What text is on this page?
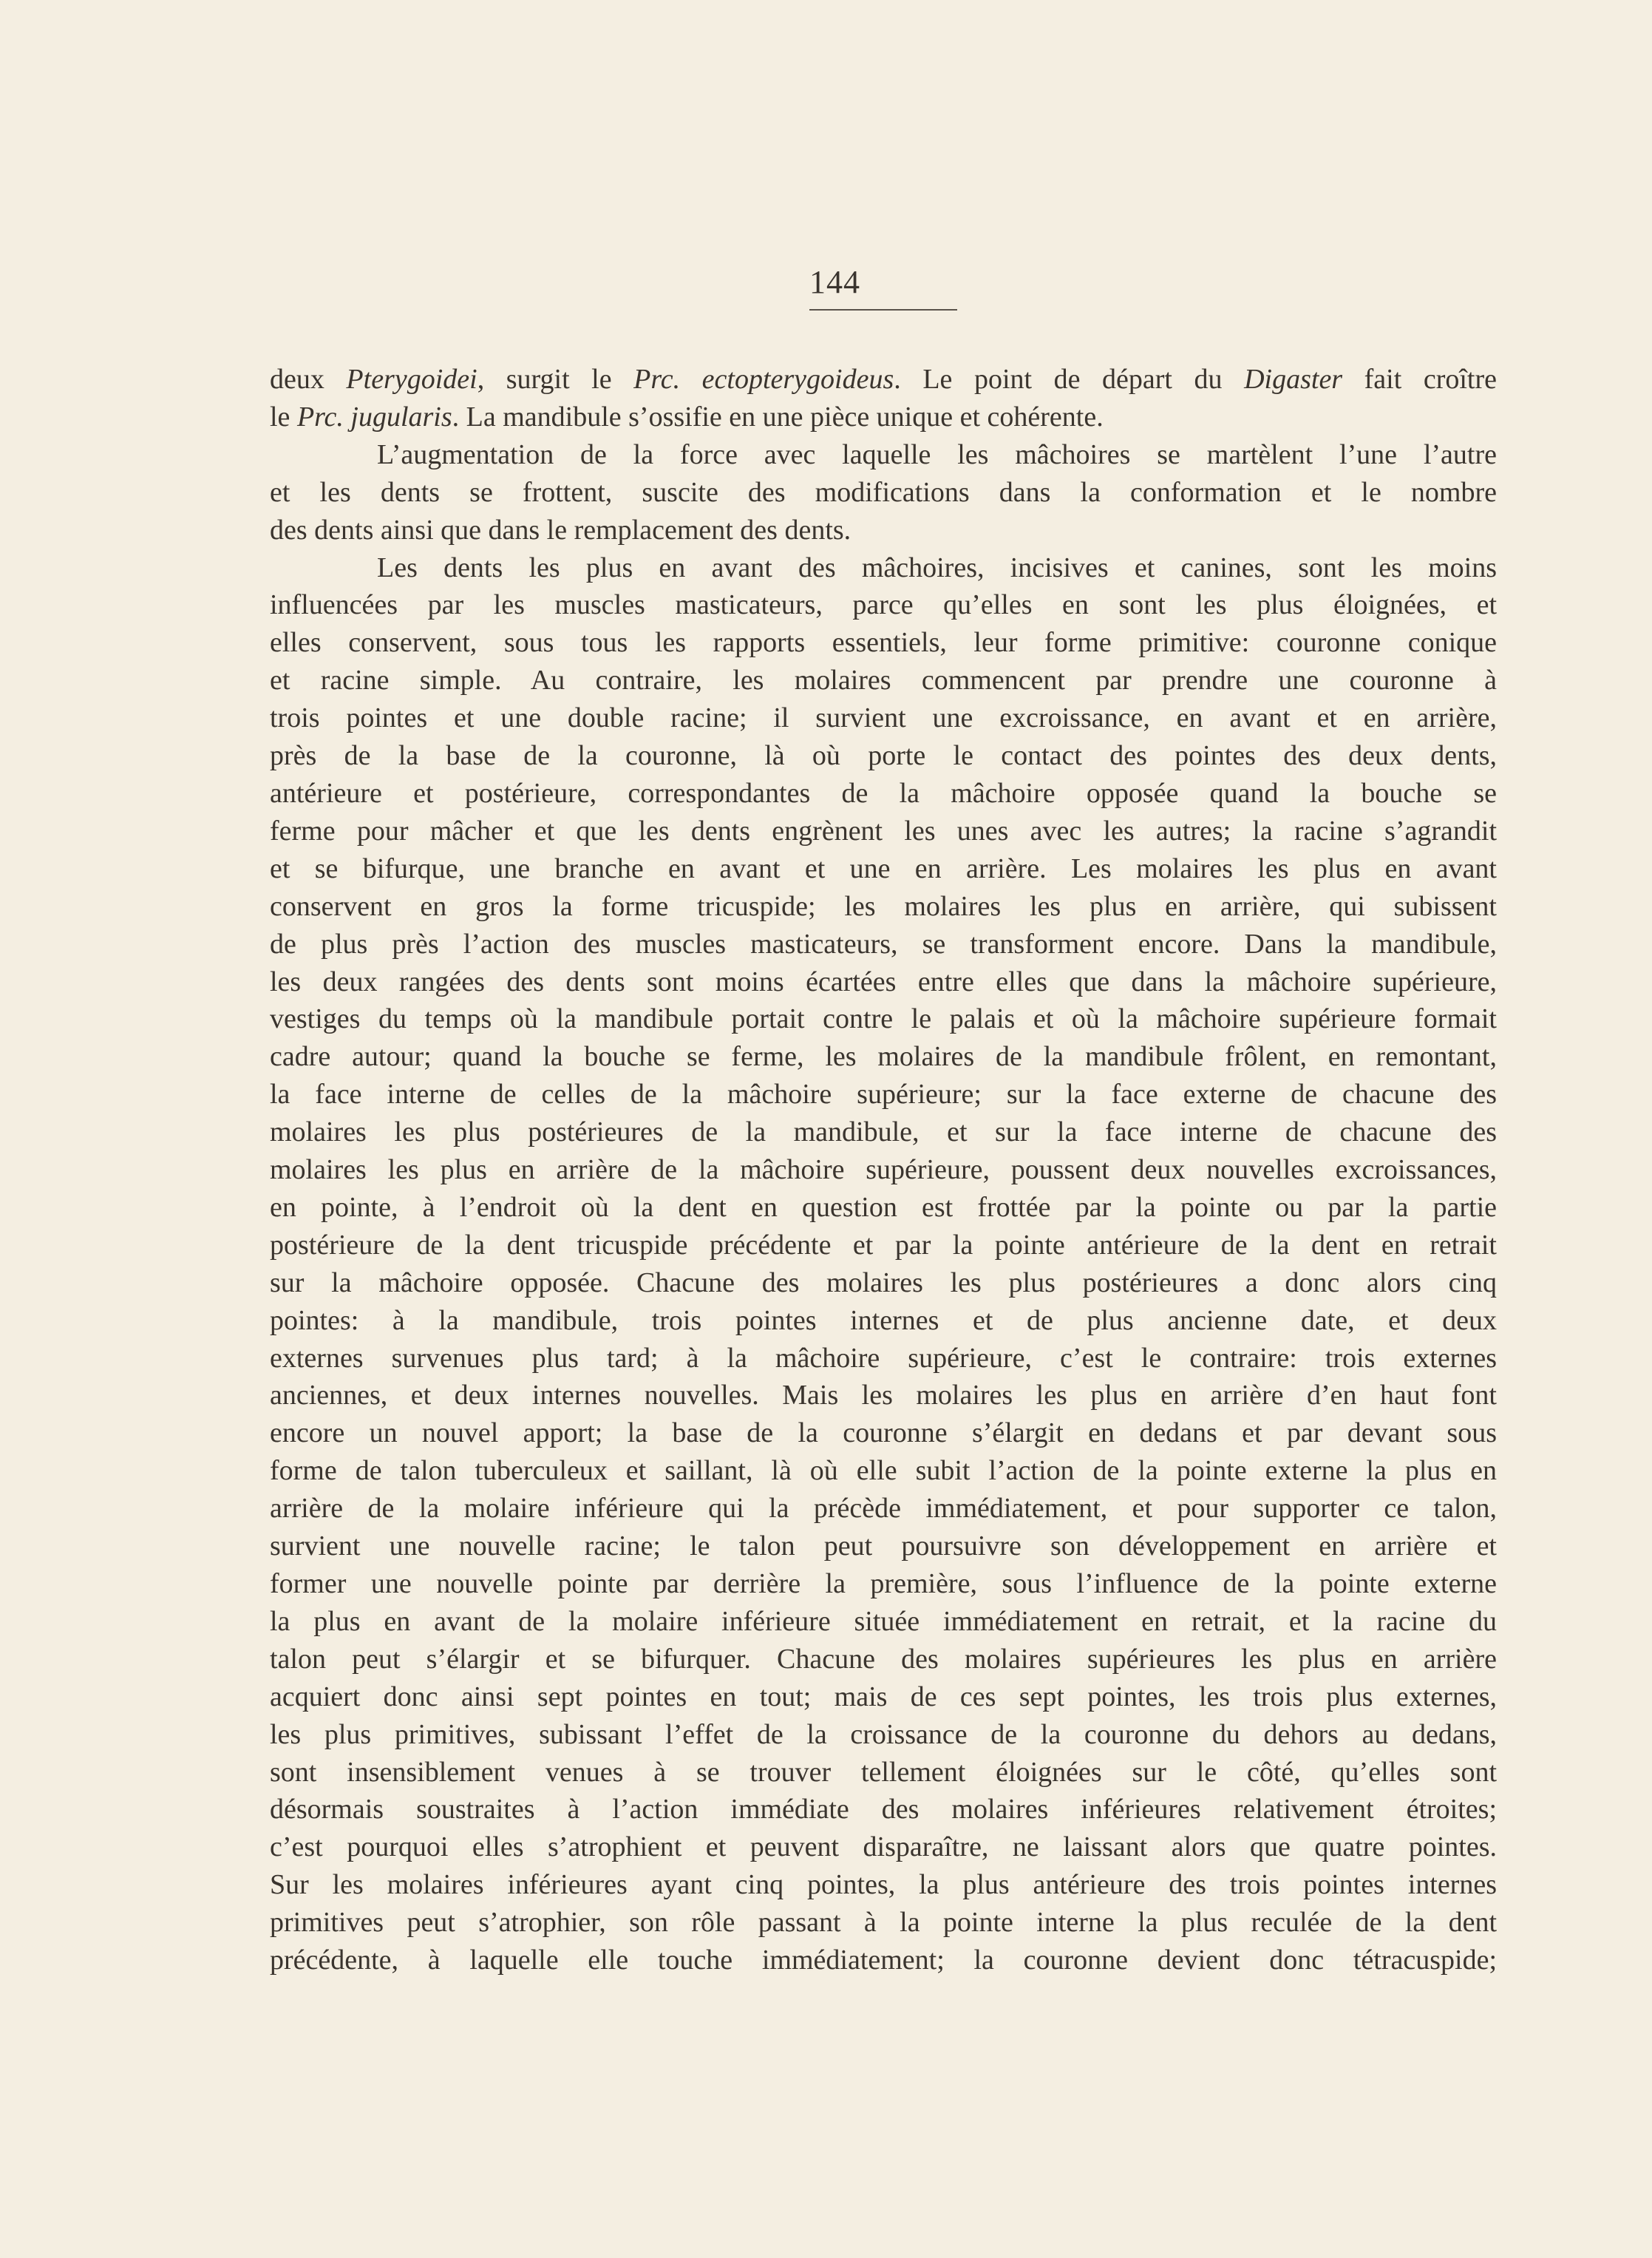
144

deux Pterygoidei, surgit le Prc. ectopterygoideus. Le point de départ du Digaster fait croître

le Prc. jugularis. La mandibule s’ossifie en une pièce unique et cohérente.

L’augmentation de la force avec laquelle les mâchoires se martèlent l’une l’autre

et les dents se frottent, suscite des modifications dans la conformation et le nombre

des dents ainsi que dans le remplacement des dents.

Les dents les plus en avant des mâchoires, incisives et canines, sont les moins

influencées par les muscles masticateurs, parce qu’elles en sont les plus éloignées, et

elles conservent, sous tous les rapports essentiels, leur forme primitive: couronne conique

et racine simple. Au contraire, les molaires commencent par prendre une couronne à

trois pointes et une double racine; il survient une excroissance, en avant et en arrière,

près de la base de la couronne, là où porte le contact des pointes des deux dents,

antérieure et postérieure, correspondantes de la mâchoire opposée quand la bouche se

ferme pour mâcher et que les dents engrènent les unes avec les autres; la racine s’agrandit

et se bifurque, une branche en avant et une en arrière. Les molaires les plus en avant

conservent en gros la forme tricuspide; les molaires les plus en arrière, qui subissent

de plus près l’action des muscles masticateurs, se transforment encore. Dans la mandibule,

les deux rangées des dents sont moins écartées entre elles que dans la mâchoire supérieure,

vestiges du temps où la mandibule portait contre le palais et où la mâchoire supérieure formait

cadre autour; quand la bouche se ferme, les molaires de la mandibule frôlent, en remontant,

la face interne de celles de la mâchoire supérieure; sur la face externe de chacune des

molaires les plus postérieures de la mandibule, et sur la face interne de chacune des

molaires les plus en arrière de la mâchoire supérieure, poussent deux nouvelles excroissances,

en pointe, à l’endroit où la dent en question est frottée par la pointe ou par la partie

postérieure de la dent tricuspide précédente et par la pointe antérieure de la dent en retrait

sur la mâchoire opposée. Chacune des molaires les plus postérieures a donc alors cinq

pointes: à la mandibule, trois pointes internes et de plus ancienne date, et deux

externes survenues plus tard; à la mâchoire supérieure, c’est le contraire: trois externes

anciennes, et deux internes nouvelles. Mais les molaires les plus en arrière d’en haut font

encore un nouvel apport; la base de la couronne s’élargit en dedans et par devant sous

forme de talon tuberculeux et saillant, là où elle subit l’action de la pointe externe la plus en

arrière de la molaire inférieure qui la précède immédiatement, et pour supporter ce talon,

survient une nouvelle racine; le talon peut poursuivre son développement en arrière et

former une nouvelle pointe par derrière la première, sous l’influence de la pointe externe

la plus en avant de la molaire inférieure située immédiatement en retrait, et la racine du

talon peut s’élargir et se bifurquer. Chacune des molaires supérieures les plus en arrière

acquiert donc ainsi sept pointes en tout; mais de ces sept pointes, les trois plus externes,

les plus primitives, subissant l’effet de la croissance de la couronne du dehors au dedans,

sont insensiblement venues à se trouver tellement éloignées sur le côté, qu’elles sont

désormais soustraites à l’action immédiate des molaires inférieures relativement étroites;

c’est pourquoi elles s’atrophient et peuvent disparaître, ne laissant alors que quatre pointes.

Sur les molaires inférieures ayant cinq pointes, la plus antérieure des trois pointes internes

primitives peut s’atrophier, son rôle passant à la pointe interne la plus reculée de la dent

précédente, à laquelle elle touche immédiatement; la couronne devient donc tétracuspide;
